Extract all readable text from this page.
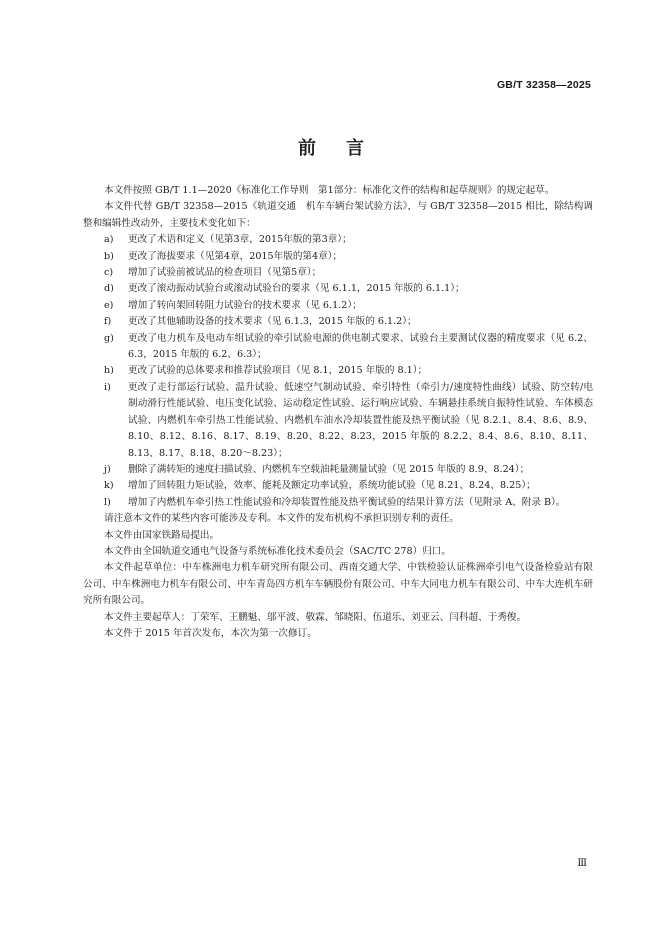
GB/T 32358—2025
前言

本文件按照 GB/T 1.1—2020《标准化工作导则　第1部分：标准化文件的结构和起草规则》的规定起草。

本文件代替 GB/T 32358—2015《轨道交通　机车车辆台架试验方法》，与 GB/T 32358—2015 相比，除结构调整和编辑性改动外，主要技术变化如下：

a) 更改了术语和定义（见第3章，2015年版的第3章）；
b) 更改了海拔要求（见第4章，2015年版的第4章）；
c) 增加了试验前被试品的检查项目（见第5章）；
d) 更改了滚动振动试验台或滚动试验台的要求（见 6.1.1，2015 年版的 6.1.1）；
e) 增加了转向架回转阻力试验台的技术要求（见 6.1.2）；
f) 更改了其他辅助设备的技术要求（见 6.1.3，2015 年版的 6.1.2）；
g) 更改了电力机车及电动车组试验的牵引试验电源的供电制式要求、试验台主要测试仪器的精度要求（见 6.2、6.3，2015 年版的 6.2、6.3）；
h) 更改了试验的总体要求和推荐试验项目（见 8.1，2015 年版的 8.1）；
i) 更改了走行部运行试验、温升试验、低速空气制动试验、牵引特性（牵引力/速度特性曲线）试验、防空转/电制动滑行性能试验、电压变化试验、运动稳定性试验、运行响应试验、车辆悬挂系统自振特性试验、车体模态试验、内燃机车牵引热工性能试验、内燃机车油水冷却装置性能及热平衡试验（见 8.2.1、8.4、8.6、8.9、8.10、8.12、8.16、8.17、8.19、8.20、8.22、8.23，2015 年版的 8.2.2、8.4、8.6、8.10、8.11、8.13、8.17、8.18、8.20～8.23）；
j) 删除了满转矩的速度扫描试验、内燃机车空载油耗量测量试验（见 2015 年版的 8.9、8.24）；
k) 增加了回转阻力矩试验，效率、能耗及额定功率试验，系统功能试验（见 8.21、8.24、8.25）；
l) 增加了内燃机车牵引热工性能试验和冷却装置性能及热平衡试验的结果计算方法（见附录 A、附录 B）。

请注意本文件的某些内容可能涉及专利。本文件的发布机构不承担识别专利的责任。

本文件由国家铁路局提出。

本文件由全国轨道交通电气设备与系统标准化技术委员会（SAC/TC 278）归口。

本文件起草单位：中车株洲电力机车研究所有限公司、西南交通大学、中铁检验认证株洲牵引电气设备检验站有限公司、中车株洲电力机车有限公司、中车青岛四方机车车辆股份有限公司、中车大同电力机车有限公司、中车大连机车研究所有限公司。

本文件主要起草人：丁荣军、王鹏魁、邬平波、敬霖、邹晓阳、伍道乐、刘亚云、闫科超、于秀俊。

本文件于 2015 年首次发布，本次为第一次修订。

Ⅲ
